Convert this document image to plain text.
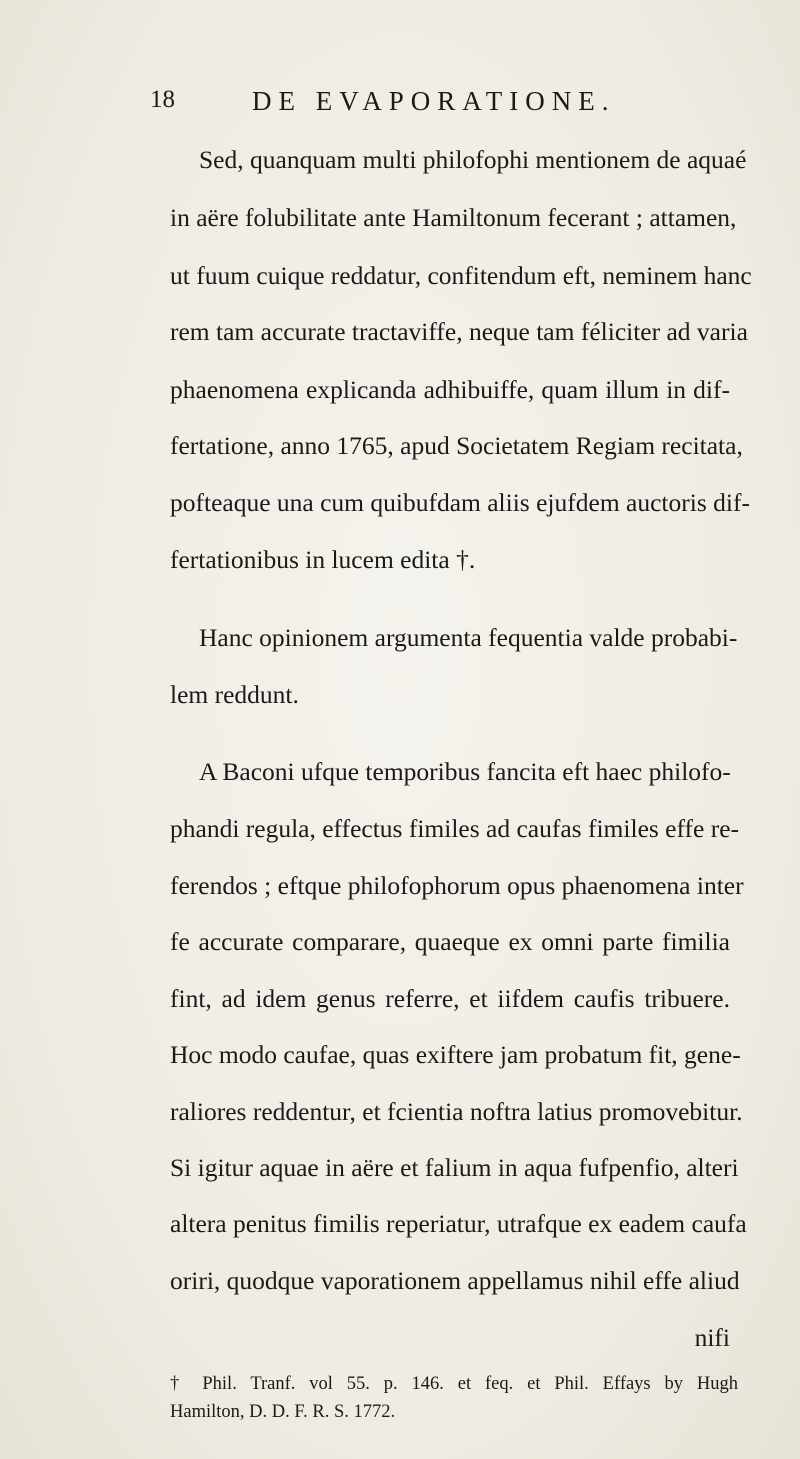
18	DE EVAPORATIONE.
Sed, quanquam multi philofophi mentionem de aquaé
in aëre folubilitate ante Hamiltonum fecerant ; attamen,
ut fuum cuique reddatur, confitendum eft, neminem hanc
rem tam accurate tractaviffe, neque tam féliciter ad varia
phaenomena explicanda adhibuiffe, quam illum in dif-
fertatione, anno 1765, apud Societatem Regiam recitata,
pofteaque una cum quibufdam aliis ejufdem auctoris dif-
fertationibus in lucem edita †.
Hanc opinionem argumenta fequentia valde probabi-
lem reddunt.
A Baconi ufque temporibus fancita eft haec philofo-
phandi regula, effectus fimiles ad caufas fimiles effe re-
ferendos ; eftque philofophorum opus phaenomena inter
fe accurate comparare, quaeque ex omni parte fimilia
fint, ad idem genus referre, et iifdem caufis tribuere.
Hoc modo caufae, quas exiftere jam probatum fit, gene-
raliores reddentur, et fcientia noftra latius promovebitur.
Si igitur aquae in aëre et falium in aqua fufpenfio, alteri
altera penitus fimilis reperiatur, utrafque ex eadem caufa
oriri, quodque vaporationem appellamus nihil effe aliud
nifi
† Phil. Tranf. vol 55. p. 146. et feq. et Phil. Effays by Hugh
Hamilton, D. D. F. R. S. 1772.
